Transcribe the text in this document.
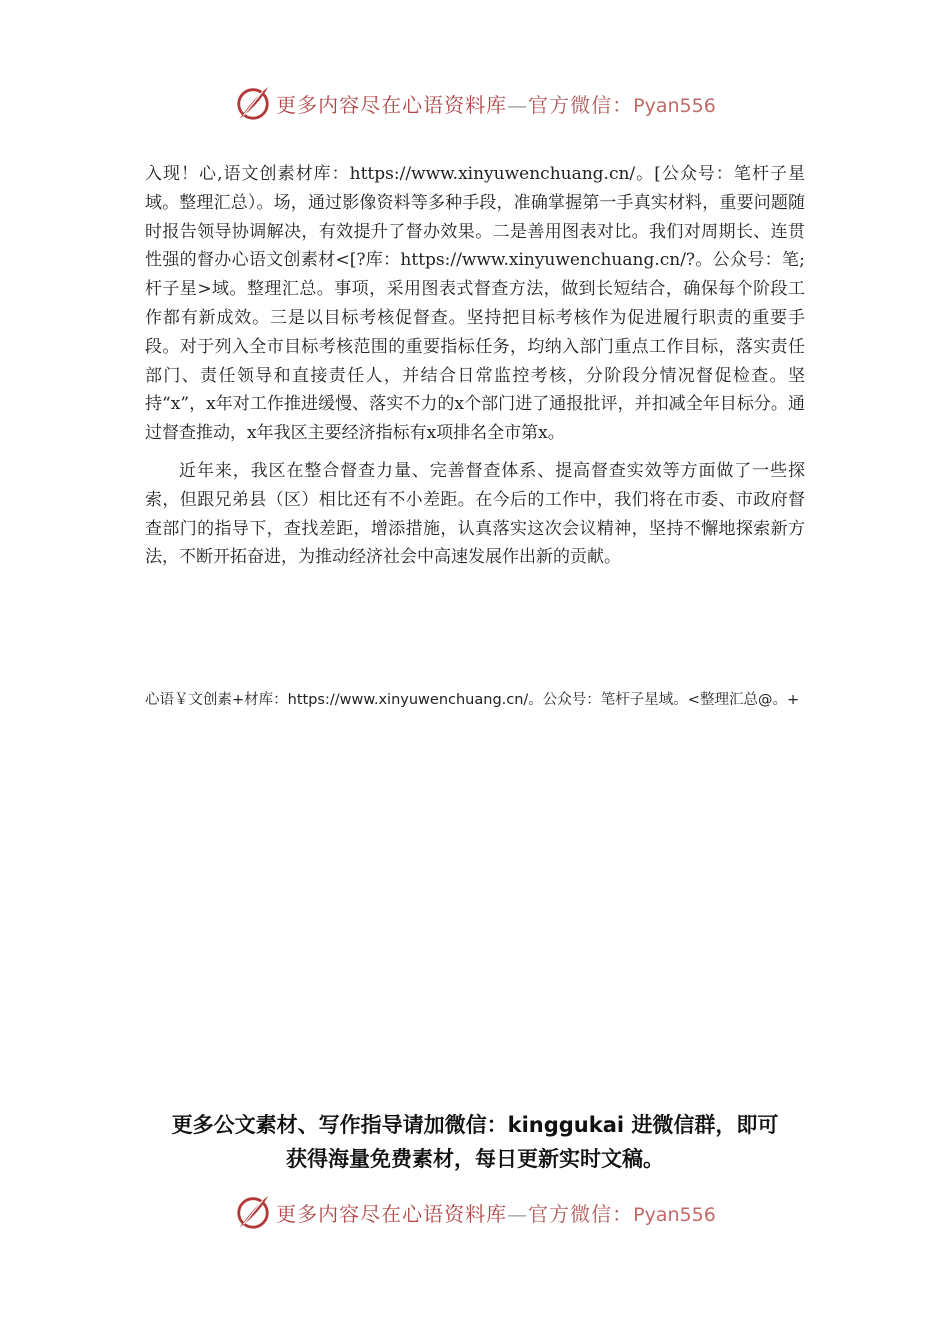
更多内容尽在心语资料库—官方微信：Pyan556

入现！心,语文创素材库：https://www.xinyuwenchuang.cn/。[公众号：笔杆子星域。整理汇总）。场，通过影像资料等多种手段，准确掌握第一手真实材料，重要问题随时报告领导协调解决，有效提升了督办效果。二是善用图表对比。我们对周期长、连贯性强的督办心语文创素材<[?库：https://www.xinyuwenchuang.cn/?。公众号：笔;杆子星>域。整理汇总。事项，采用图表式督查方法，做到长短结合，确保每个阶段工作都有新成效。三是以目标考核促督查。坚持把目标考核作为促进履行职责的重要手段。对于列入全市目标考核范围的重要指标任务，均纳入部门重点工作目标，落实责任部门、责任领导和直接责任人，并结合日常监控考核，分阶段分情况督促检查。坚持“x”，x年对工作推进缓慢、落实不力的x个部门进了通报批评，并扣减全年目标分。通过督查推动，x年我区主要经济指标有x项排名全市第x。

近年来，我区在整合督查力量、完善督查体系、提高督查实效等方面做了一些探索，但跟兄弟县（区）相比还有不小差距。在今后的工作中，我们将在市委、市政府督查部门的指导下，查找差距，增添措施，认真落实这次会议精神，坚持不懈地探索新方法，不断开拓奋进，为推动经济社会中高速发展作出新的贡献。

心语￥文创素+材库：https://www.xinyuwenchuang.cn/。公众号：笔杆子星域。<整理汇总@。+
更多公文素材、写作指导请加微信：kinggukai 进微信群，即可
获得海量免费素材，每日更新实时文稿。
更多内容尽在心语资料库—官方微信：Pyan556
